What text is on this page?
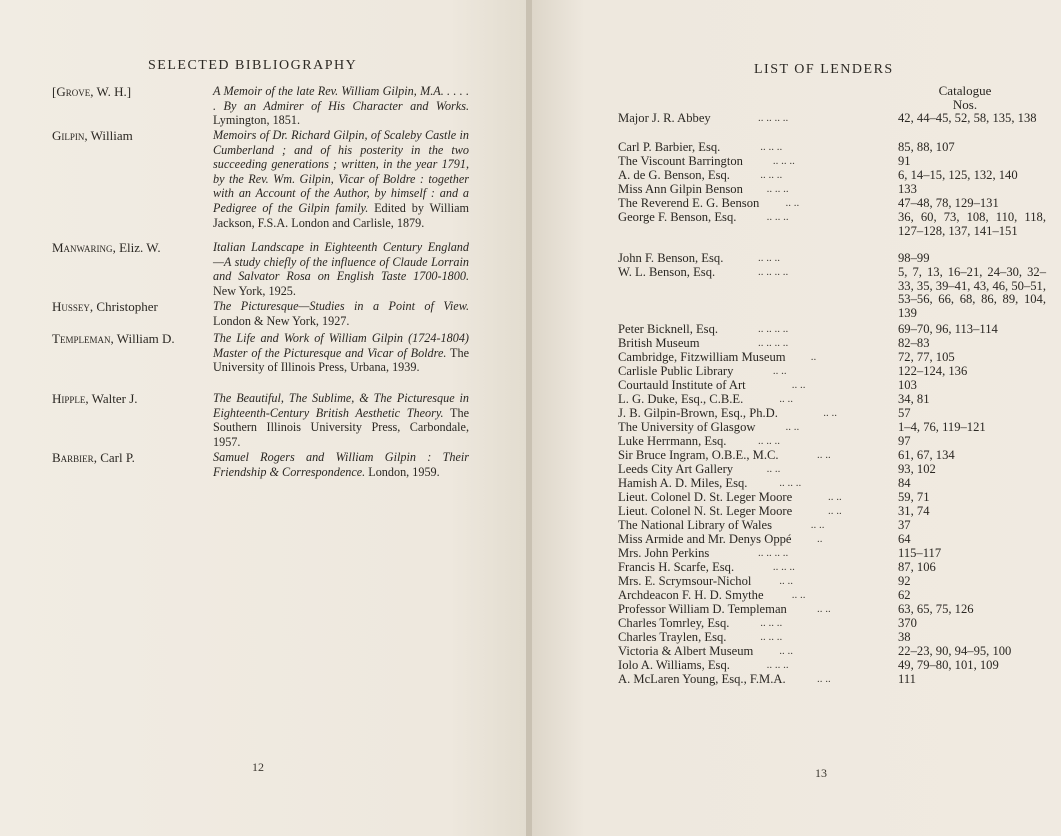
SELECTED BIBLIOGRAPHY
[Grove, W. H.]	A Memoir of the late Rev. William Gilpin, M.A. . . . . . By an Admirer of His Character and Works. Lymington, 1851.
Gilpin, William	Memoirs of Dr. Richard Gilpin, of Scaleby Castle in Cumberland ; and of his posterity in the two succeeding generations ; written, in the year 1791, by the Rev. Wm. Gilpin, Vicar of Boldre : together with an Account of the Author, by himself : and a Pedigree of the Gilpin family. Edited by William Jackson, F.S.A. London and Carlisle, 1879.
Manwaring, Eliz. W.	Italian Landscape in Eighteenth Century England —A study chiefly of the influence of Claude Lorrain and Salvator Rosa on English Taste 1700-1800. New York, 1925.
Hussey, Christopher	The Picturesque—Studies in a Point of View. London & New York, 1927.
Templeman, William D.	The Life and Work of William Gilpin (1724-1804) Master of the Picturesque and Vicar of Boldre. The University of Illinois Press, Urbana, 1939.
Hipple, Walter J.	The Beautiful, The Sublime, & The Picturesque in Eighteenth-Century British Aesthetic Theory. The Southern Illinois University Press, Carbondale, 1957.
Barbier, Carl P.	Samuel Rogers and William Gilpin : Their Friendship & Correspondence. London, 1959.
12
LIST OF LENDERS
Catalogue
Nos.
Major J. R. Abbey	.. .. .. ..	42, 44–45, 52, 58, 135, 138
Carl P. Barbier, Esq.	.. .. ..	85, 88, 107
The Viscount Barrington	.. .. ..	91
A. de G. Benson, Esq.	.. .. ..	6, 14–15, 125, 132, 140
Miss Ann Gilpin Benson .. .. ..	133
The Reverend E. G. Benson .. ..	47–48, 78, 129–131
George F. Benson, Esq.	.. .. ..	36, 60, 73, 108, 110, 118, 127–128, 137, 141–151
John F. Benson, Esq.	.. .. ..	98–99
W. L. Benson, Esq.	.. .. .. ..	5, 7, 13, 16–21, 24–30, 32–33, 35, 39–41, 43, 46, 50–51, 53–56, 66, 68, 86, 89, 104, 139
Peter Bicknell, Esq.	.. .. .. ..	69–70, 96, 113–114
British Museum	.. .. .. ..	82–83
Cambridge, Fitzwilliam Museum ..	72, 77, 105
Carlisle Public Library	.. ..	122–124, 136
Courtauld Institute of Art	.. ..	103
L. G. Duke, Esq., C.B.E.	.. ..	34, 81
J. B. Gilpin-Brown, Esq., Ph.D.	.. ..	57
The University of Glasgow	.. ..	1–4, 76, 119–121
Luke Herrmann, Esq.	.. .. ..	97
Sir Bruce Ingram, O.B.E., M.C.	.. ..	61, 67, 134
Leeds City Art Gallery	.. ..	93, 102
Hamish A. D. Miles, Esq.	.. .. ..	84
Lieut. Colonel D. St. Leger Moore	.. ..	59, 71
Lieut. Colonel N. St. Leger Moore	.. ..	31, 74
The National Library of Wales	.. ..	37
Miss Armide and Mr. Denys Oppé ..	64
Mrs. John Perkins	.. .. .. ..	115–117
Francis H. Scarfe, Esq.	.. .. ..	87, 106
Mrs. E. Scrymsour-Nichol	.. ..	92
Archdeacon F. H. D. Smythe	.. ..	62
Professor William D. Templeman	.. ..	63, 65, 75, 126
Charles Tomrley, Esq.	.. .. ..	370
Charles Traylen, Esq.	.. .. ..	38
Victoria & Albert Museum .. ..	22–23, 90, 94–95, 100
Iolo A. Williams, Esq.	.. .. ..	49, 79–80, 101, 109
A. McLaren Young, Esq., F.M.A.	.. ..	111
13
